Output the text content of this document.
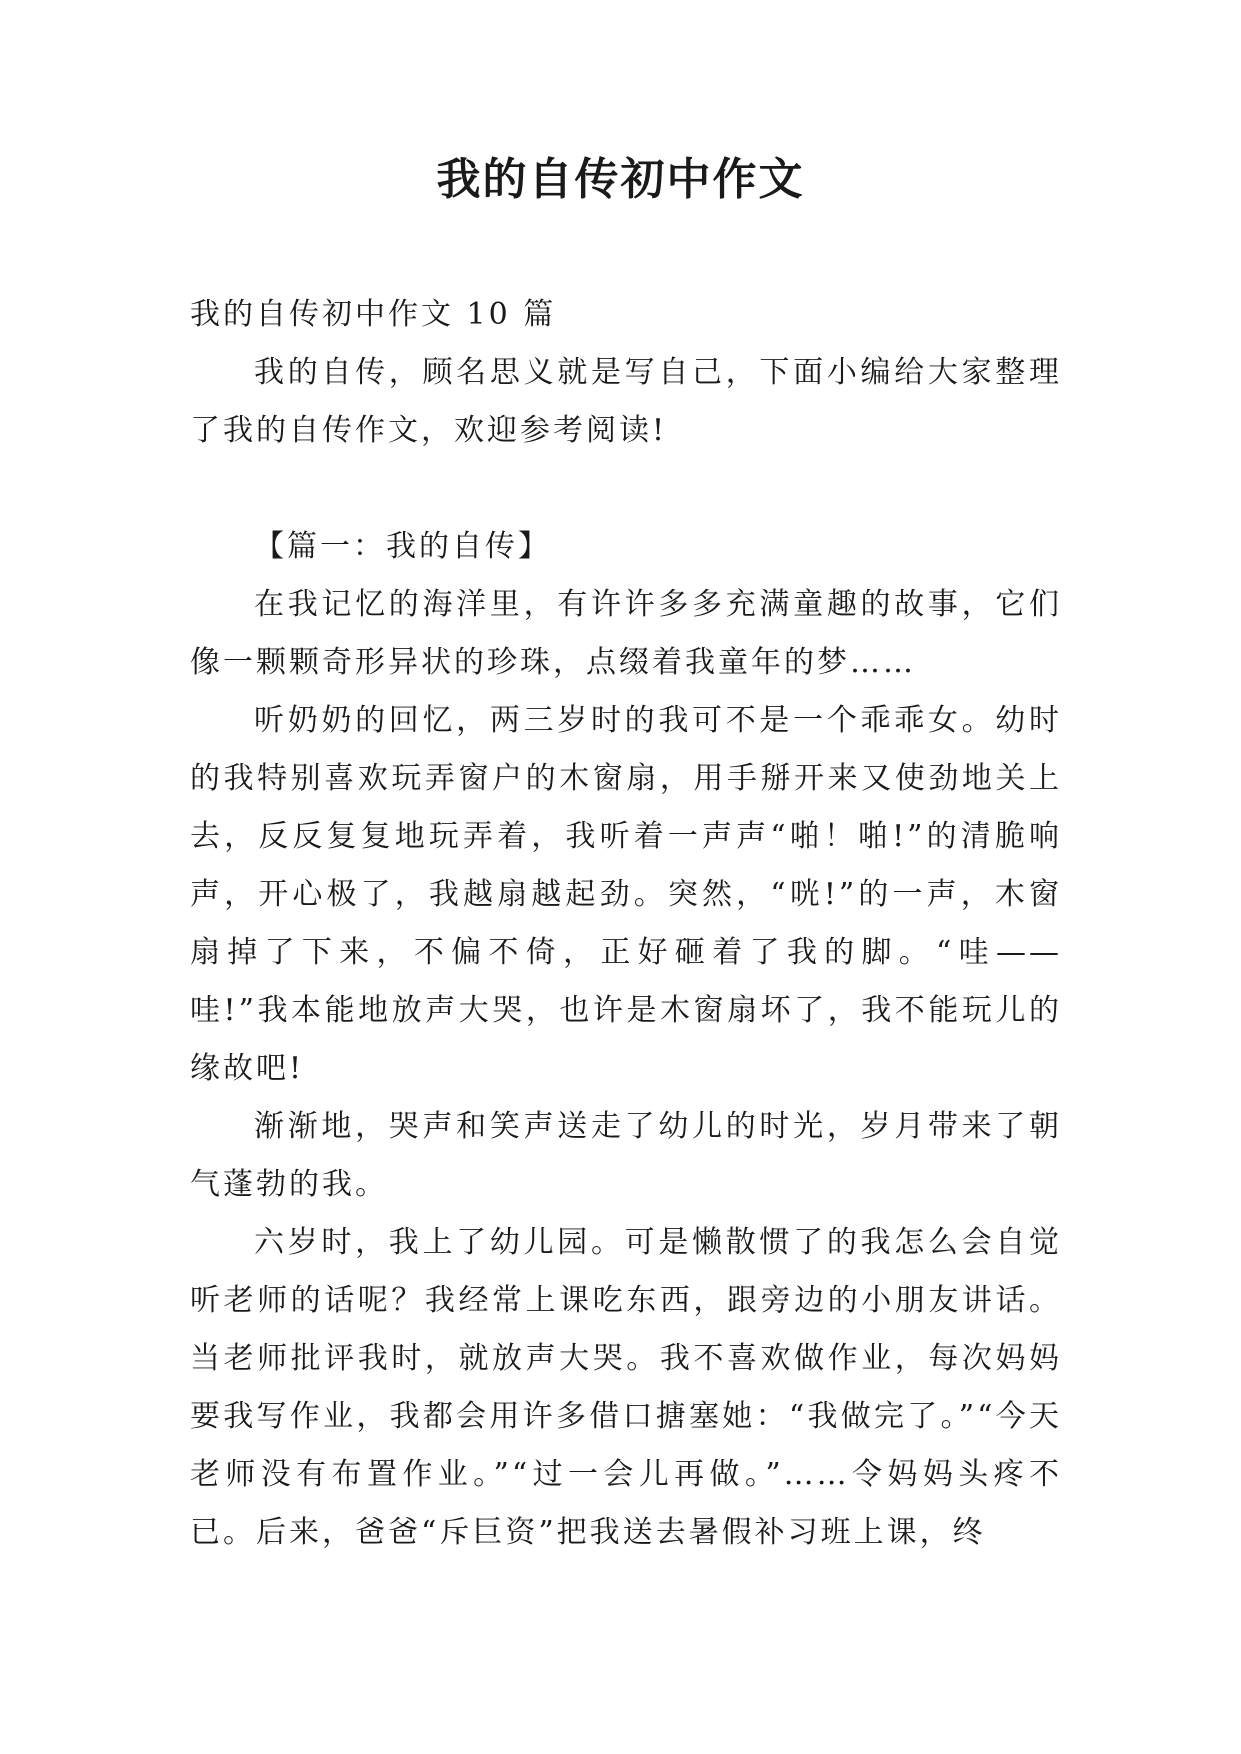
我的自传初中作文

我的自传初中作文 10 篇

我的自传，顾名思义就是写自己，下面小编给大家整理了我的自传作文，欢迎参考阅读!

【篇一：我的自传】

在我记忆的海洋里，有许许多多充满童趣的故事，它们像一颗颗奇形异状的珍珠，点缀着我童年的梦……

听奶奶的回忆，两三岁时的我可不是一个乖乖女。幼时的我特别喜欢玩弄窗户的木窗扇，用手掰开来又使劲地关上去，反反复复地玩弄着，我听着一声声“啪！啪!”的清脆响声，开心极了，我越扇越起劲。突然，“咣!”的一声，木窗扇掉了下来，不偏不倚，正好砸着了我的脚。“哇——哇!”我本能地放声大哭，也许是木窗扇坏了，我不能玩儿的缘故吧!

渐渐地，哭声和笑声送走了幼儿的时光，岁月带来了朝气蓬勃的我。

六岁时，我上了幼儿园。可是懒散惯了的我怎么会自觉听老师的话呢？我经常上课吃东西，跟旁边的小朋友讲话。当老师批评我时，就放声大哭。我不喜欢做作业，每次妈妈要我写作业，我都会用许多借口搪塞她：“我做完了。”“今天老师没有布置作业。”“过一会儿再做。”……令妈妈头疼不已。后来，爸爸“斥巨资”把我送去暑假补习班上课，终
